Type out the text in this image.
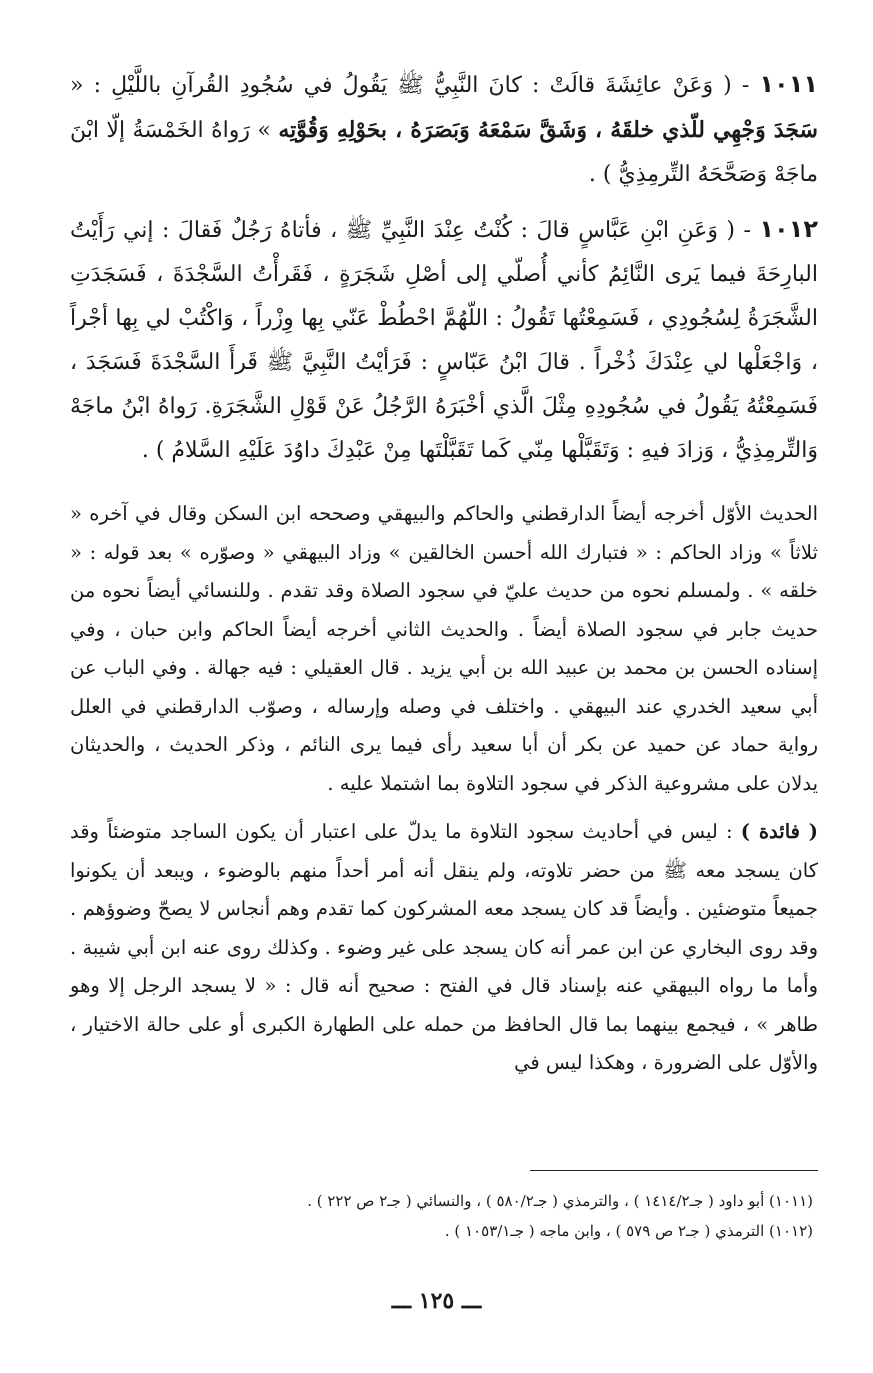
١٠١١ - ( وَعَنْ عائِشَةَ قالَتْ : كانَ النَّبِيُّ ﷺ يَقُولُ في سُجُودِ القُرآنِ باللَّيْلِ : « سَجَدَ وَجْهِي للّذي خلقَهُ ، وَشَقَّ سَمْعَهُ وَبَصَرَهُ ، بحَوْلِهِ وَقُوَّتِه » رَواهُ الخَمْسَةُ إلّا ابْنَ ماجَهْ وَصَحَّحَهُ التِّرمِذِيُّ ) .

١٠١٢ - ( وَعَنِ ابْنِ عَبَّاسٍ قالَ : كُنْتُ عِنْدَ النَّبِيِّ ﷺ ، فأتاهُ رَجُلٌ فَقالَ : إني رَأَيْتُ البارِحَةَ فيما يَرى النَّائِمُ كأني أُصلّي إلى أصْلِ شَجَرَةٍ ، فَقَرأْتُ السَّجْدَةَ ، فَسَجَدَتِ الشَّجَرَةُ لِسُجُودِي ، فَسَمِعْتُها تَقُولُ : اللّهُمَّ احْطُطْ عَنّي بِها وِزْراً ، وَاكْتُبْ لي بِها أجْراً ، وَاجْعَلْها لي عِنْدَكَ ذُخْراً . قالَ ابْنُ عَبّاسٍ : فَرَأيْتُ النَّبِيَّ ﷺ قَرأَ السَّجْدَةَ فَسَجَدَ ، فَسَمِعْتُهُ يَقُولُ في سُجُودِهِ مِثْلَ الَّذي أخْبَرَهُ الرَّجُلُ عَنْ قَوْلِ الشَّجَرَةِ. رَواهُ ابْنُ ماجَهْ وَالتِّرمِذِيُّ ، وَزادَ فيهِ : وَتَقَبَّلْها مِنّي كَما تَقَبَّلْتَها مِنْ عَبْدِكَ داوُدَ عَلَيْهِ السَّلامُ ) .

الحديث الأوّل أخرجه أيضاً الدارقطني والحاكم والبيهقي وصححه ابن السكن وقال في آخره « ثلاثاً » وزاد الحاكم : « فتبارك الله أحسن الخالقين » وزاد البيهقي « وصوّره » بعد قوله : « خلقه » . ولمسلم نحوه من حديث عليّ في سجود الصلاة وقد تقدم . وللنسائي أيضاً نحوه من حديث جابر في سجود الصلاة أيضاً . والحديث الثاني أخرجه أيضاً الحاكم وابن حبان ، وفي إسناده الحسن بن محمد بن عبيد الله بن أبي يزيد . قال العقيلي : فيه جهالة . وفي الباب عن أبي سعيد الخدري عند البيهقي . واختلف في وصله وإرساله ، وصوّب الدارقطني في العلل رواية حماد عن حميد عن بكر أن أبا سعيد رأى فيما يرى النائم ، وذكر الحديث ، والحديثان يدلان على مشروعية الذكر في سجود التلاوة بما اشتملا عليه .

( فائدة ) : ليس في أحاديث سجود التلاوة ما يدلّ على اعتبار أن يكون الساجد متوضئاً وقد كان يسجد معه ﷺ من حضر تلاوته، ولم ينقل أنه أمر أحداً منهم بالوضوء ، ويبعد أن يكونوا جميعاً متوضئين . وأيضاً قد كان يسجد معه المشركون كما تقدم وهم أنجاس لا يصحّ وضوؤهم . وقد روى البخاري عن ابن عمر أنه كان يسجد على غير وضوء . وكذلك روى عنه ابن أبي شيبة . وأما ما رواه البيهقي عنه بإسناد قال في الفتح : صحيح أنه قال : « لا يسجد الرجل إلا وهو طاهر » ، فيجمع بينهما بما قال الحافظ من حمله على الطهارة الكبرى أو على حالة الاختيار ، والأوّل على الضرورة ، وهكذا ليس في

(١٠١١) أبو داود ( جـ١٤١٤/٢ ) ، والترمذي ( جـ٥٨٠/٢ ) ، والنسائي ( جـ٢ ص ٢٢٢ ) .
(١٠١٢) الترمذي ( جـ٢ ص ٥٧٩ ) ، وابن ماجه ( جـ١٠٥٣/١ ) .
ـــ ١٢٥ ـــ
